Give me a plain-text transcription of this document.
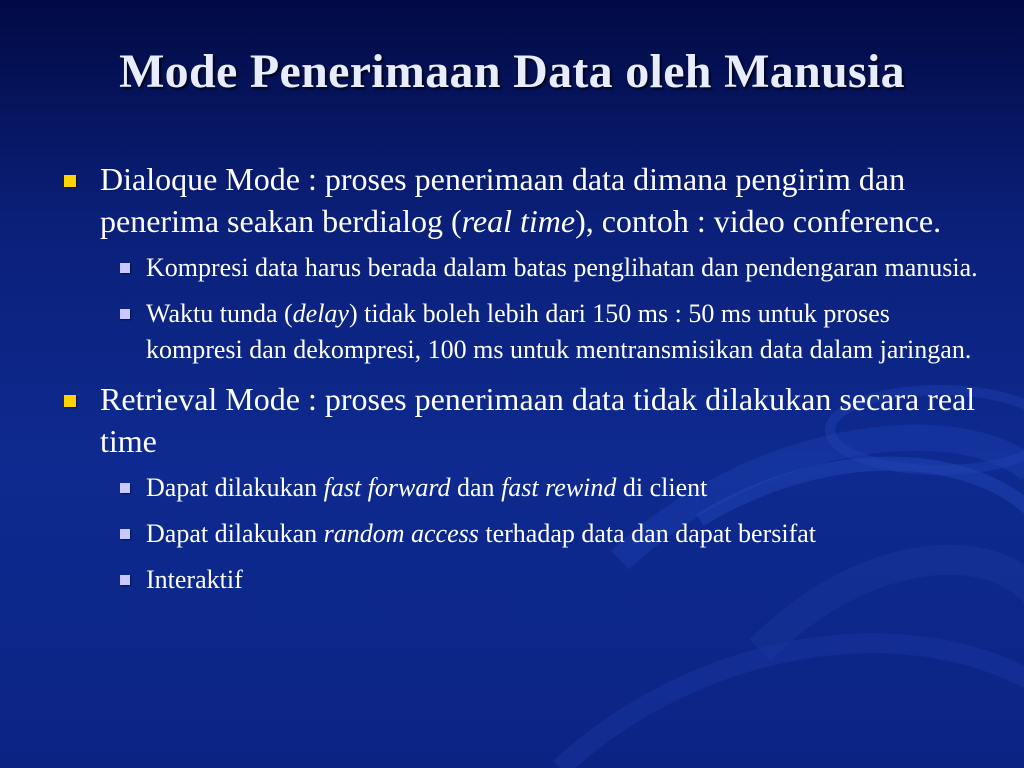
Mode Penerimaan Data oleh Manusia
Dialoque Mode : proses penerimaan data dimana pengirim dan penerima seakan berdialog (real time), contoh : video conference.
Kompresi data harus berada dalam batas penglihatan dan pendengaran manusia.
Waktu tunda (delay) tidak boleh lebih dari 150 ms : 50 ms untuk proses kompresi dan dekompresi, 100 ms untuk mentransmisikan data dalam jaringan.
Retrieval Mode : proses penerimaan data tidak dilakukan secara real time
Dapat dilakukan fast forward dan fast rewind di client
Dapat dilakukan random access terhadap data dan dapat bersifat
Interaktif
